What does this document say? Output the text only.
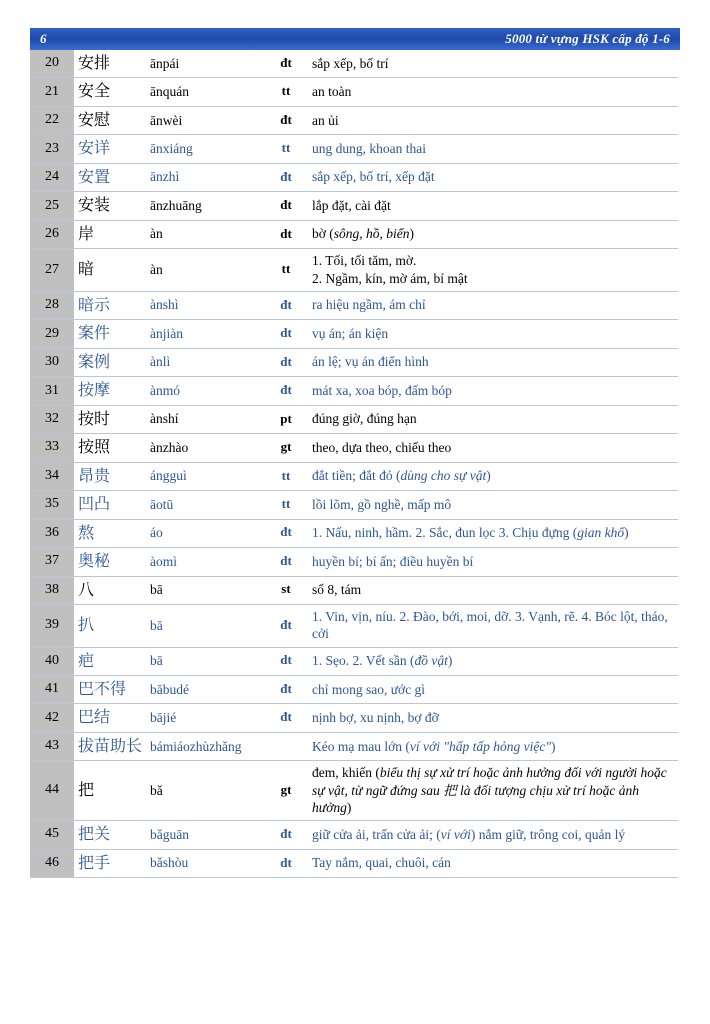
6	5000 từ vựng HSK cấp độ 1-6
20	安排	ānpái	đt	sắp xếp, bố trí
21	安全	ānquán	tt	an toàn
22	安慰	ānwèi	đt	an ủi
23	安详	ānxiáng	tt	ung dung, khoan thai
24	安置	ānzhì	đt	sắp xếp, bố trí, xếp đặt
25	安装	ānzhuāng	đt	lắp đặt, cài đặt
26	岸	àn	dt	bờ (sông, hồ, biển)
27	暗	àn	tt	1. Tối, tối tăm, mờ.
2. Ngầm, kín, mờ ám, bí mật
28	暗示	ànshì	đt	ra hiệu ngầm, ám chỉ
29	案件	ànjiàn	dt	vụ án; án kiện
30	案例	ànlì	dt	án lệ; vụ án điển hình
31	按摩	ànmó	đt	mát xa, xoa bóp, đấm bóp
32	按时	ànshí	pt	đúng giờ, đúng hạn
33	按照	ànzhào	gt	theo, dựa theo, chiếu theo
34	昂贵	ángguì	tt	đắt tiền; đắt đỏ (dùng cho sự vật)
35	凹凸	āotū	tt	lồi lõm, gồ nghề, mấp mô
36	熬	áo	đt	1. Nấu, ninh, hầm. 2. Sắc, đun lọc 3. Chịu đựng (gian khổ)
37	奥秘	àomì	dt	huyền bí; bí ấn; điều huyền bí
38	八	bā	st	số 8, tám
39	扒	bā	đt	1. Vin, vịn, níu. 2. Đào, bới, moi, dỡ. 3. Vạnh, rẽ. 4. Bóc lột, tháo, cởi
40	疤	bā	dt	1. Sẹo. 2. Vết sần (đồ vật)
41	巴不得	bābudé	đt	chỉ mong sao, ước gì
42	巴结	bājié	đt	nịnh bợ, xu nịnh, bợ đỡ
43	拔苗助长	bámiáozhùzhǎng		Kéo mạ mau lớn (ví với "hấp tấp hỏng việc")
44	把	bǎ	gt	đem, khiến (biểu thị sự xử trí hoặc ảnh hưởng đối với người hoặc sự vật, từ ngữ đứng sau 把 là đối tượng chịu xử trí hoặc ảnh hưởng)
45	把关	bǎguān	đt	giữ cửa ải, trấn cửa ải; (ví với) nắm giữ, trông coi, quản lý
46	把手	bǎshòu	dt	Tay nắm, quai, chuôi, cán
